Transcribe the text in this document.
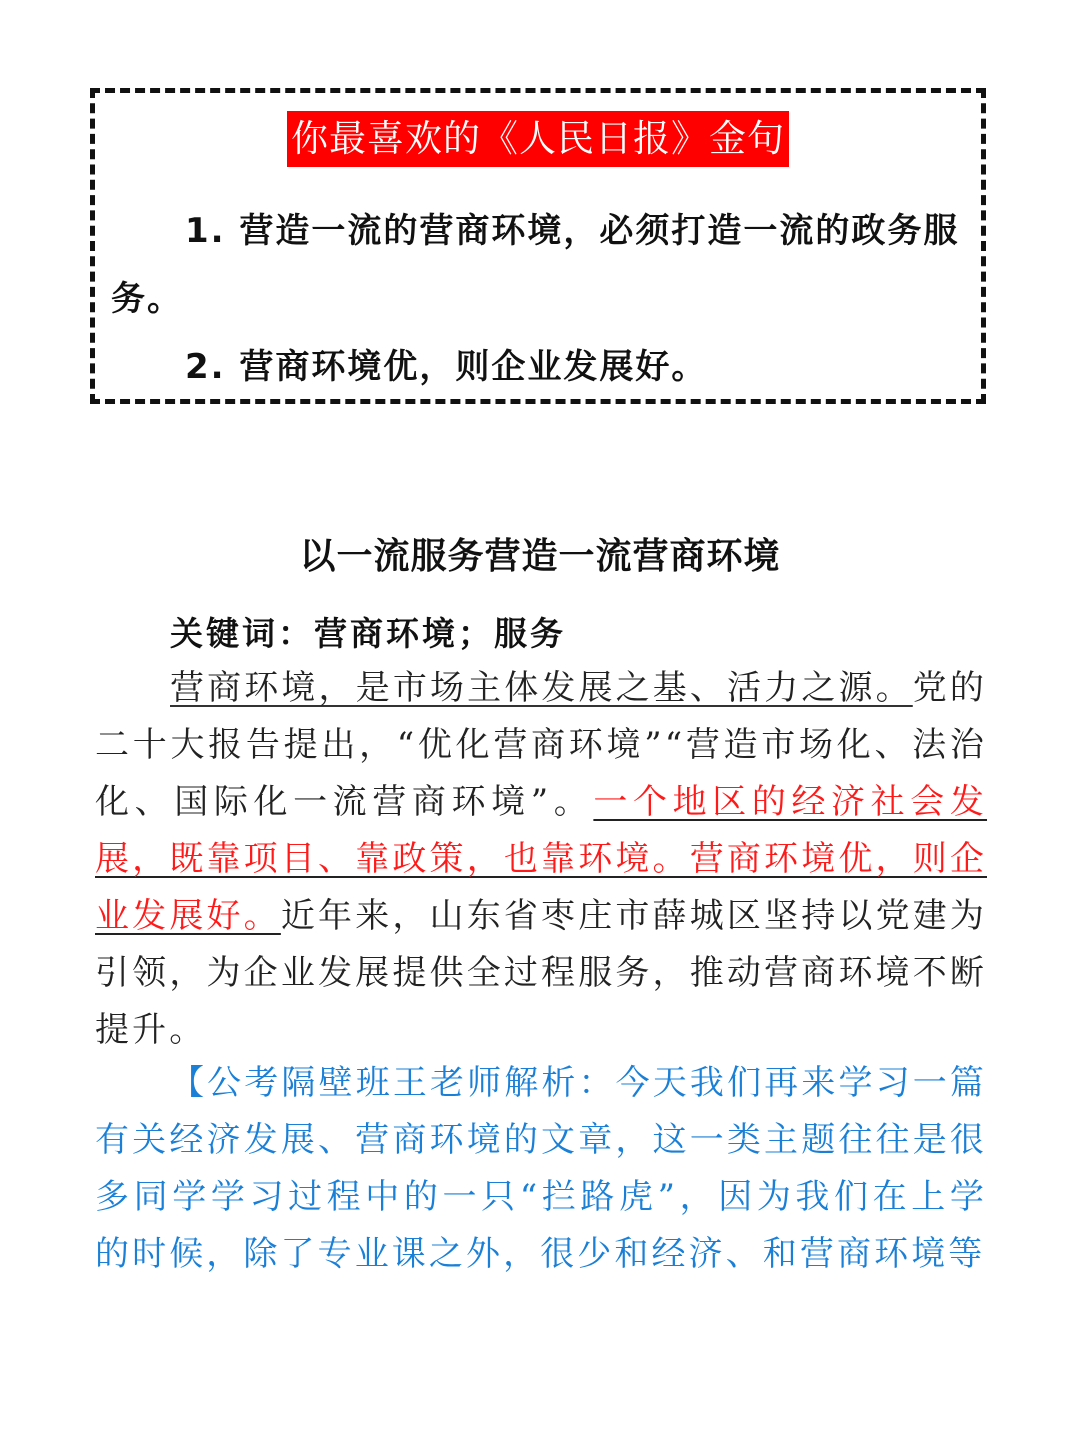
你最喜欢的《人民日报》金句
1. 营造一流的营商环境，必须打造一流的政务服
务。
2. 营商环境优，则企业发展好。
以一流服务营造一流营商环境
关键词：营商环境；服务
营商环境，是市场主体发展之基、活力之源。党的二十大报告提出，“优化营商环境”“营造市场化、法治化、国际化一流营商环境”。一个地区的经济社会发展，既靠项目、靠政策，也靠环境。营商环境优，则企业发展好。近年来，山东省枣庄市薛城区坚持以党建为引领，为企业发展提供全过程服务，推动营商环境不断提升。
【公考隔壁班王老师解析：今天我们再来学习一篇有关经济发展、营商环境的文章，这一类主题往往是很多同学学习过程中的一只“拦路虎”，因为我们在上学的时候，除了专业课之外，很少和经济、和营商环境等
